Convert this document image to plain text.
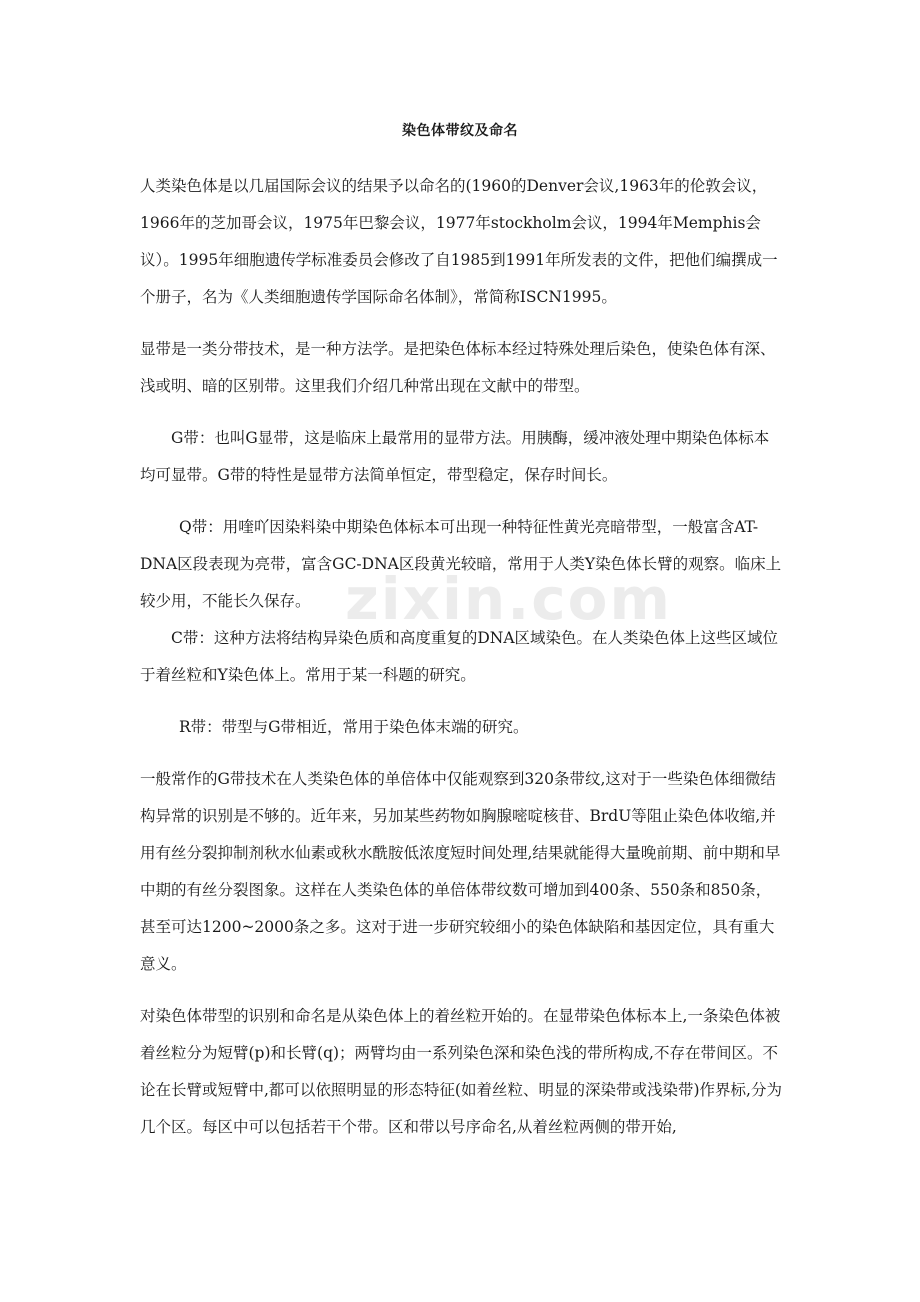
zixin.com
染色体带纹及命名

人类染色体是以几届国际会议的结果予以命名的(1960的Denver会议,1963年的伦敦会议，1966年的芝加哥会议，1975年巴黎会议，1977年stockholm会议，1994年Memphis会议）。1995年细胞遗传学标准委员会修改了自1985到1991年所发表的文件，把他们编撰成一个册子，名为《人类细胞遗传学国际命名体制》，常简称ISCN1995。

显带是一类分带技术，是一种方法学。是把染色体标本经过特殊处理后染色，使染色体有深、浅或明、暗的区别带。这里我们介绍几种常出现在文献中的带型。

G带：也叫G显带，这是临床上最常用的显带方法。用胰酶，缓冲液处理中期染色体标本均可显带。G带的特性是显带方法简单恒定，带型稳定，保存时间长。

Q带：用喹吖因染料染中期染色体标本可出现一种特征性黄光亮暗带型，一般富含AT-DNA区段表现为亮带，富含GC-DNA区段黄光较暗，常用于人类Y染色体长臂的观察。临床上较少用，不能长久保存。

C带：这种方法将结构异染色质和高度重复的DNA区域染色。在人类染色体上这些区域位于着丝粒和Y染色体上。常用于某一科题的研究。

R带：带型与G带相近，常用于染色体末端的研究。

一般常作的G带技术在人类染色体的单倍体中仅能观察到320条带纹,这对于一些染色体细微结构异常的识别是不够的。近年来，另加某些药物如胸腺嘧啶核苷、BrdU等阻止染色体收缩,并用有丝分裂抑制剂秋水仙素或秋水酰胺低浓度短时间处理,结果就能得大量晚前期、前中期和早中期的有丝分裂图象。这样在人类染色体的单倍体带纹数可增加到400条、550条和850条，甚至可达1200~2000条之多。这对于进一步研究较细小的染色体缺陷和基因定位，具有重大意义。

对染色体带型的识别和命名是从染色体上的着丝粒开始的。在显带染色体标本上,一条染色体被着丝粒分为短臂(p)和长臂(q)；两臂均由一系列染色深和染色浅的带所构成,不存在带间区。不论在长臂或短臂中,都可以依照明显的形态特征(如着丝粒、明显的深染带或浅染带)作界标,分为几个区。每区中可以包括若干个带。区和带以号序命名,从着丝粒两侧的带开始,
